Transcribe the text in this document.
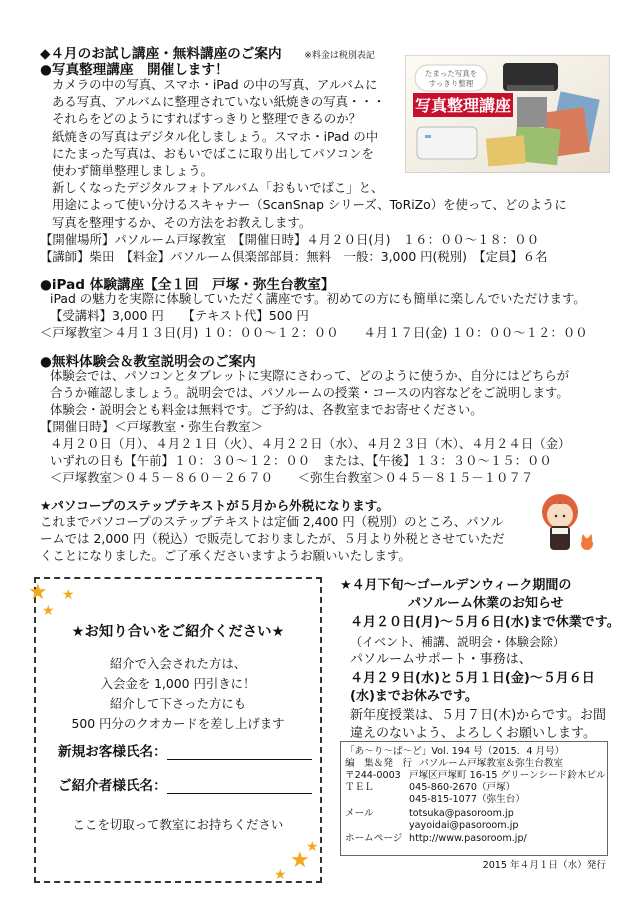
◆４月のお試し講座・無料講座のご案内	※料金は税別表記
●写真整理講座　開催します！
カメラの中の写真、スマホ・iPad の中の写真、アルバムに
ある写真、アルバムに整理されていない紙焼きの写真・・・
それらをどのようにすればすっきりと整理できるのか？
紙焼きの写真はデジタル化しましょう。スマホ・iPad の中
にたまった写真は、おもいでばこに取り出してパソコンを
使わず簡単整理しましょう。
新しくなったデジタルフォトアルバム「おもいでばこ」と、
用途によって使い分けるスキャナー（ScanSnap シリーズ、ToRiZo）を使って、どのように
写真を整理するか、その方法をお教えします。
【開催場所】パソルーム戸塚教室　【開催日時】４月２０日(月)　１６：００～１８：００
【講師】柴田　【料金】パソルーム倶楽部部員：無料　一般：3,000 円(税別)　【定員】６名
たまった写真を
すっきり整理
写真整理講座
●iPad 体験講座【全１回　戸塚・弥生台教室】
iPad の魅力を実際に体験していただく講座です。初めての方にも簡単に楽しんでいただけます。
【受講料】3,000 円　　【テキスト代】500 円
＜戸塚教室＞４月１３日(月) １０：００～１２：００　　４月１７日(金) １０：００～１２：００
●無料体験会＆教室説明会のご案内
体験会では、パソコンとタブレットに実際にさわって、どのように使うか、自分にはどちらが
合うか確認しましょう。説明会では、パソルームの授業・コースの内容などをご説明します。
体験会・説明会とも料金は無料です。ご予約は、各教室までお寄せください。
【開催日時】＜戸塚教室・弥生台教室＞
４月２０日（月）、４月２１日（火）、４月２２日（水）、４月２３日（木）、４月２４日（金）
いずれの日も【午前】１０：３０～１２：００　または、【午後】１３：３０～１５：００
＜戸塚教室＞０４５－８６０－２６７０　　＜弥生台教室＞０４５－８１５－１０７７
★パソコープのステップテキストが５月から外税になります。
これまでパソコープのステップテキストは定価 2,400 円（税別）のところ、パソル
ームでは 2,000 円（税込）で販売しておりましたが、５月より外税とさせていただ
くことになりました。ご了承くださいますようお願いいたします。
★
★
★
★
★
★
★お知り合いをご紹介ください★
紹介で入会された方は、
入会金を 1,000 円引きに！
紹介して下さった方にも
500 円分のクオカードを差し上げます
新規お客様氏名：
ご紹介者様氏名：
ここを切取って教室にお持ちください
★４月下旬～ゴールデンウィーク期間の
パソルーム休業のお知らせ
４月２０日(月)～５月６日(水)まで休業です。
（イベント、補講、説明会・体験会除）
パソルームサポート・事務は、
４月２９日(水)と５月１日(金)～５月６日
(水)までお休みです。
新年度授業は、５月７日(木)からです。お間
違えのないよう、よろしくお願いします。
「あ～り～ば～ど」Vol. 194 号（2015．4 月号）
編　集＆発　行 パソルーム戸塚教室＆弥生台教室
〒244-0003 戸塚区戸塚町 16-15 グリーンシード鈴木ビル
ＴＥＬ	045-860-2670（戸塚）
045-815-1077（弥生台）
メール	totsuka@pasoroom.jp
yayoidai@pasoroom.jp
ホームページ http://www.pasoroom.jp/
2015 年４月１日（水）発行
